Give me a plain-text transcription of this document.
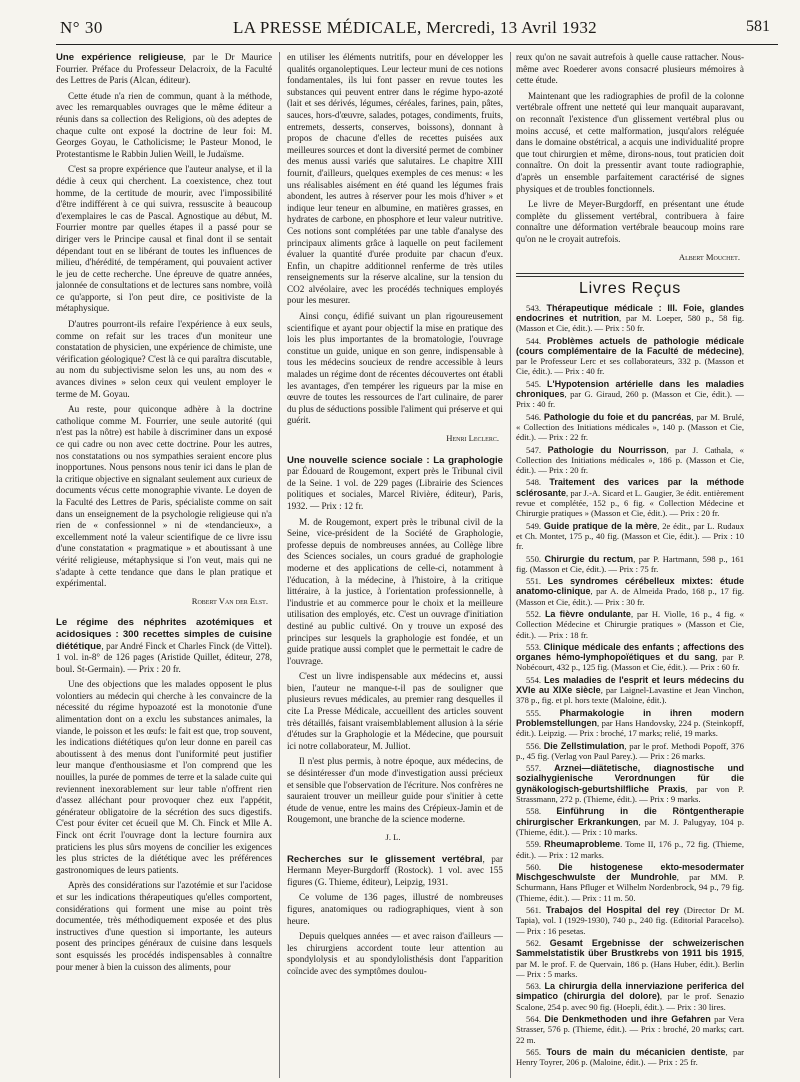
N° 30	LA PRESSE MÉDICALE, Mercredi, 13 Avril 1932	581

Une expérience religieuse, par le Dr Maurice Fourrier. Préface du Professeur Delacroix, de la Faculté des Lettres de Paris (Alcan, éditeur).

Cette étude n'a rien de commun, quant à la méthode, avec les remarquables ouvrages que le même éditeur a réunis dans sa collection des Religions, où des adeptes de chaque culte ont exposé la doctrine de leur foi: M. Georges Goyau, le Catholicisme; le Pasteur Monod, le Protestantisme le Rabbin Julien Weill, le Judaïsme.

C'est sa propre expérience que l'auteur analyse, et il la dédie à ceux qui cherchent. La coexistence, chez tout homme, de la certitude de mourir, avec l'impossibilité d'être indifférent à ce qui suivra, ressuscite à beaucoup d'exemplaires le cas de Pascal. Agnostique au début, M. Fourrier montre par quelles étapes il a passé pour se diriger vers le Principe causal et final dont il se sentait dépendant tout en se libérant de toutes les influences de milieu, d'hérédité, de tempérament, qui pouvaient activer le jeu de cette recherche. Une épreuve de quatre années, jalonnée de consultations et de lectures sans nombre, voilà ce qu'apporte, si l'on peut dire, ce positiviste de la métaphysique.

D'autres pourront-ils refaire l'expérience à eux seuls, comme on refait sur les traces d'un moniteur une constatation de physicien, une expérience de chimiste, une vérification géologique? C'est là ce qui paraîtra discutable, au nom du subjectivisme selon les uns, au nom des « avances divines » selon ceux qui veulent employer le terme de M. Goyau.

Au reste, pour quiconque adhère à la doctrine catholique comme M. Fourrier, une seule autorité (qui n'est pas la nôtre) est habile à discriminer dans un exposé ce qui cadre ou non avec cette doctrine. Pour les autres, nos constatations ou nos sympathies seraient encore plus inopportunes. Nous pensons nous tenir ici dans le plan de la critique objective en signalant seulement aux curieux de documents vécus cette monographie vivante. Le doyen de la Faculté des Lettres de Paris, spécialiste comme on sait dans un enseignement de la psychologie religieuse qui n'a rien de « confessionnel » ni de «tendancieux», a excellemment noté la valeur scientifique de ce livre issu d'une constatation « pragmatique » et aboutissant à une vérité religieuse, métaphysique si l'on veut, mais qui ne s'adapte à cette tendance que dans le plan pratique et expérimental.

Robert Van der Elst.

Le régime des néphrites azotémiques et acidosiques : 300 recettes simples de cuisine diététique, par André Finck et Charles Finck (de Vittel). 1 vol. in-8° de 126 pages (Aristide Quillet, éditeur, 278, boul. St-Germain). — Prix : 20 fr.

Une des objections que les malades opposent le plus volontiers au médecin qui cherche à les convaincre de la nécessité du régime hypoazoté est la monotonie d'une alimentation dont on a exclu les substances animales, la viande, le poisson et les œufs: le fait est que, trop souvent, les indications diététiques qu'on leur donne en pareil cas aboutissent à des menus dont l'uniformité peut justifier leur manque d'enthousiasme et l'on comprend que les nouilles, la purée de pommes de terre et la salade cuite qui reviennent inexorablement sur leur table n'offrent rien d'assez alléchant pour provoquer chez eux l'appétit, générateur obligatoire de la sécrétion des sucs digestifs. C'est pour éviter cet écueil que M. Ch. Finck et Mlle A. Finck ont écrit l'ouvrage dont la lecture fournira aux praticiens les plus sûrs moyens de concilier les exigences les plus strictes de la diététique avec les préférences gastronomiques de leurs patients.

Après des considérations sur l'azotémie et sur l'acidose et sur les indications thérapeutiques qu'elles comportent, considérations qui forment une mise au point très documentée, très méthodiquement exposée et des plus instructives d'une question si importante, les auteurs posent des principes généraux de cuisine dans lesquels sont esquissés les procédés indispensables à connaître pour mener à bien la cuisson des aliments, pour

en utiliser les éléments nutritifs, pour en développer les qualités organoleptiques. Leur lecteur muni de ces notions fondamentales, ils lui font passer en revue toutes les substances qui peuvent entrer dans le régime hypo-azoté (lait et ses dérivés, légumes, céréales, farines, pain, pâtes, sauces, hors-d'œuvre, salades, potages, condiments, fruits, entremets, desserts, conserves, boissons), donnant à propos de chacune d'elles de recettes puisées aux meilleures sources et dont la diversité permet de combiner des menus aussi variés que salutaires. Le chapitre XIII fournit, d'ailleurs, quelques exemples de ces menus: « les uns réalisables aisément en été quand les légumes frais abondent, les autres à réserver pour les mois d'hiver » et indique leur teneur en albumine, en matières grasses, en hydrates de carbone, en phosphore et leur valeur nutritive. Ces notions sont complétées par une table d'analyse des principaux aliments grâce à laquelle on peut facilement évaluer la quantité d'urée produite par chacun d'eux. Enfin, un chapitre additionnel renferme de très utiles renseignements sur la réserve alcaline, sur la tension du CO2 alvéolaire, avec les procédés techniques employés pour les mesurer.

Ainsi conçu, édifié suivant un plan rigoureusement scientifique et ayant pour objectif la mise en pratique des lois les plus importantes de la bromatologie, l'ouvrage constitue un guide, unique en son genre, indispensable à tous les médecins soucieux de rendre accessible à leurs malades un régime dont de récentes découvertes ont établi les avantages, d'en tempérer les rigueurs par la mise en œuvre de toutes les ressources de l'art culinaire, de parer du plus de séductions possible l'aliment qui préserve et qui guérit.

Henri Leclerc.

Une nouvelle science sociale : La graphologie par Édouard de Rougemont, expert près le Tribunal civil de la Seine. 1 vol. de 229 pages (Librairie des Sciences politiques et sociales, Marcel Rivière, éditeur), Paris, 1932. — Prix : 12 fr.

M. de Rougemont, expert près le tribunal civil de la Seine, vice-président de la Société de Graphologie, professe depuis de nombreuses années, au Collège libre des Sciences sociales, un cours gradué de graphologie moderne et des applications de celle-ci, notamment à l'éducation, à la médecine, à l'histoire, à la critique littéraire, à la justice, à l'orientation professionnelle, à l'industrie et au commerce pour le choix et la meilleure utilisation des employés, etc. C'est un ouvrage d'initiation destiné au public cultivé. On y trouve un exposé des principes sur lesquels la graphologie est fondée, et un guide pratique aussi complet que le permettait le cadre de l'ouvrage.

C'est un livre indispensable aux médecins et, aussi bien, l'auteur ne manque-t-il pas de souligner que plusieurs revues médicales, au premier rang desquelles il cite La Presse Médicale, accueillent des articles souvent très détaillés, faisant vraisemblablement allusion à la série d'études sur la Graphologie et la Médecine, que poursuit ici notre collaborateur, M. Julliot.

Il n'est plus permis, à notre époque, aux médecins, de se désintéresser d'un mode d'investigation aussi précieux et sensible que l'observation de l'écriture. Nos confrères ne sauraient trouver un meilleur guide pour s'initier à cette étude de venue, entre les mains des Crépieux-Jamin et de Rougemont, une branche de la science moderne.

J. L.

Recherches sur le glissement vertébral, par Hermann Meyer-Burgdorff (Rostock). 1 vol. avec 155 figures (G. Thieme, éditeur), Leipzig, 1931.

Ce volume de 136 pages, illustré de nombreuses figures, anatomiques ou radiographiques, vient à son heure.

Depuis quelques années — et avec raison d'ailleurs — les chirurgiens accordent toute leur attention au spondylolysis et au spondylolisthésis dont l'apparition coïncide avec des symptômes doulou-

reux qu'on ne savait autrefois à quelle cause rattacher. Nous-même avec Roederer avons consacré plusieurs mémoires à cette étude.

Maintenant que les radiographies de profil de la colonne vertébrale offrent une netteté qui leur manquait auparavant, on reconnaît l'existence d'un glissement vertébral plus ou moins accusé, et cette malformation, jusqu'alors reléguée dans le domaine obstétrical, a acquis une individualité propre que tout chirurgien et même, dirons-nous, tout praticien doit connaître. On doit la pressentir avant toute radiographie, d'après un ensemble parfaitement caractérisé de signes physiques et de troubles fonctionnels.

Le livre de Meyer-Burgdorff, en présentant une étude complète du glissement vertébral, contribuera à faire connaître une déformation vertébrale beaucoup moins rare qu'on ne le croyait autrefois.

Albert Mouchet.

Livres Reçus

543. Thérapeutique médicale : III. Foie, glandes endocrines et nutrition, par M. Loeper, 580 p., 58 fig. (Masson et Cie, édit.). — Prix : 50 fr.

544. Problèmes actuels de pathologie médicale (cours complémentaire de la Faculté de médecine), par le Professeur Lerc et ses collaborateurs, 332 p. (Masson et Cie, édit.). — Prix : 40 fr.

545. L'Hypotension artérielle dans les maladies chroniques, par G. Giraud, 260 p. (Masson et Cie, édit.). — Prix : 40 fr.

546. Pathologie du foie et du pancréas, par M. Brulé, « Collection des Initiations médicales », 140 p. (Masson et Cie, édit.). — Prix : 22 fr.

547. Pathologie du Nourrisson, par J. Cathala, « Collection des Initiations médicales », 186 p. (Masson et Cie, édit.). — Prix : 20 fr.

548. Traitement des varices par la méthode sclérosante, par J.-A. Sicard et L. Gaugier, 3e édit. entièrement revue et complétée, 152 p., 6 fig. « Collection Médecine et Chirurgie pratiques » (Masson et Cie, édit.). — Prix : 20 fr.

549. Guide pratique de la mère, 2e édit., par L. Rudaux et Ch. Montet, 175 p., 40 fig. (Masson et Cie, édit.). — Prix : 10 fr.

550. Chirurgie du rectum, par P. Hartmann, 598 p., 161 fig. (Masson et Cie, édit.). — Prix : 75 fr.

551. Les syndromes cérébelleux mixtes: étude anatomo-clinique, par A. de Almeida Prado, 168 p., 17 fig. (Masson et Cie, édit.). — Prix : 30 fr.

552. La fièvre ondulante, par H. Violle, 16 p., 4 fig. « Collection Médecine et Chirurgie pratiques » (Masson et Cie, édit.). — Prix : 18 fr.

553. Clinique médicale des enfants ; affections des organes hémo-lymphopoïétiques et du sang, par P. Nobécourt, 432 p., 125 fig. (Masson et Cie, édit.). — Prix : 60 fr.

554. Les maladies de l'esprit et leurs médecins du XVIe au XIXe siècle, par Laignel-Lavastine et Jean Vinchon, 378 p., fig. et pl. hors texte (Maloine, édit.).

555. Pharmakologie in ihren modern Problemstellungen, par Hans Handovsky, 224 p. (Steinkopff, édit.). Leipzig. — Prix : broché, 17 marks; relié, 19 marks.

556. Die Zellstimulation, par le prof. Methodi Popoff, 376 p., 45 fig. (Verlag von Paul Parey.). — Prix : 26 marks.

557. Arznei—diätetische, diagnostische und sozialhygienische Verordnungen für die gynäkologisch-geburtshilfliche Praxis, par von P. Strassmann, 272 p. (Thieme, édit.). — Prix : 9 marks.

558. Einführung in die Röntgentherapie chirurgischer Erkrankungen, par M. J. Palugyay, 104 p. (Thieme, édit.). — Prix : 10 marks.

559. Rheumaprobleme. Tome II, 176 p., 72 fig. (Thieme, édit.). — Prix : 12 marks.

560. Die histogenese ekto-mesodermater Mischgeschwulste der Mundrohle, par MM. P. Schurmann, Hans Pfluger et Wilhelm Nordenbrock, 94 p., 79 fig. (Thieme, édit.). — Prix : 11 m. 50.

561. Trabajos del Hospital del rey (Director Dr M. Tapia), vol. I (1929-1930), 740 p., 240 fig. (Editorial Paracelso). — Prix : 16 pesetas.

562. Gesamt Ergebnisse der schweizerischen Sammelstatistik über Brustkrebs von 1911 bis 1915, par M. le prof. F. de Quervain, 186 p. (Hans Huber, édit.). Berlin — Prix : 5 marks.

563. La chirurgia della innerviazione periferica del simpatico (chirurgia del dolore), par le prof. Senazio Scalone, 254 p. avec 90 fig. (Hoepli, édit.). — Prix : 30 lires.

564. Die Denkmethoden und ihre Gefahren par Vera Strasser, 576 p. (Thieme, édit.). — Prix : broché, 20 marks; cart. 22 m.

565. Tours de main du mécanicien dentiste, par Henry Toyrer, 206 p. (Maloine, édit.). — Prix : 25 fr.
